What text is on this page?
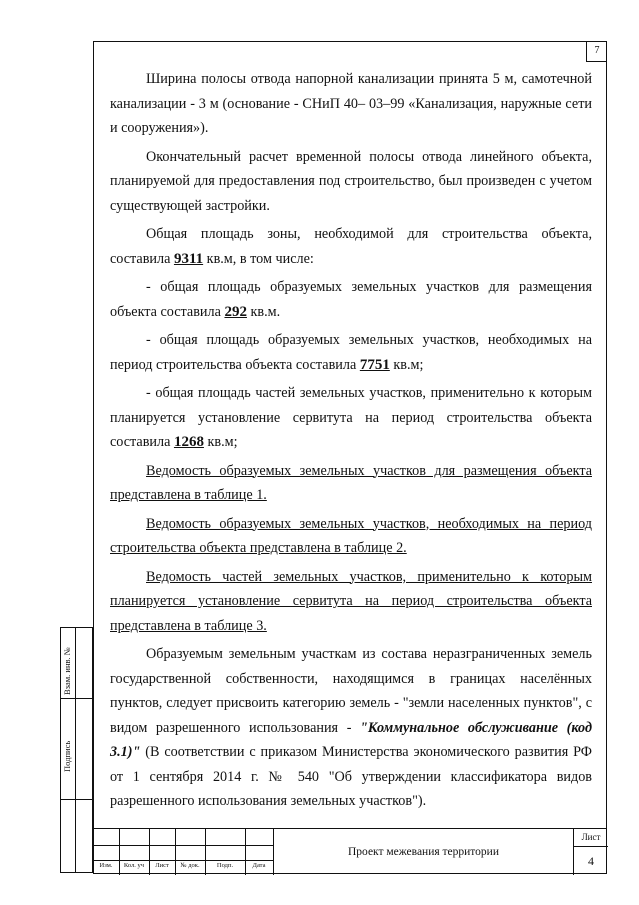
7

Ширина полосы отвода напорной канализации принята 5 м, самотечной канализации - 3 м (основание - СНиП 40– 03–99 «Канализация, наружные сети и сооружения»).

Окончательный расчет временной полосы отвода линейного объекта, планируемой для предоставления под строительство, был произведен с учетом существующей застройки.

Общая площадь зоны, необходимой для строительства объекта, составила 9311 кв.м, в том числе:

- общая площадь образуемых земельных участков для размещения объекта составила 292 кв.м.

- общая площадь образуемых земельных участков, необходимых на период строительства объекта составила 7751 кв.м;

- общая площадь частей земельных участков, применительно к которым планируется установление сервитута на период строительства объекта составила 1268 кв.м;

Ведомость образуемых земельных участков для размещения объекта представлена в таблице 1.

Ведомость образуемых земельных участков, необходимых на период строительства объекта представлена в таблице 2.

Ведомость частей земельных участков, применительно к которым планируется установление сервитута на период строительства объекта представлена в таблице 3.

Образуемым земельным участкам из состава неразграниченных земель государственной собственности, находящимся в границах населённых пунктов, следует присвоить категорию земель - "земли населенных пунктов", с видом разрешенного использования - "Коммунальное обслуживание (код 3.1)" (В соответствии с приказом Министерства экономического развития РФ от 1 сентября 2014 г. № 540 "Об утверждении классификатора видов разрешенного использования земельных участков").

Взам. инв. №
Подпись
Изм.	Кол. уч	Лист	№ док.	Подп.	Дата
Проект межевания территории
Лист
4
